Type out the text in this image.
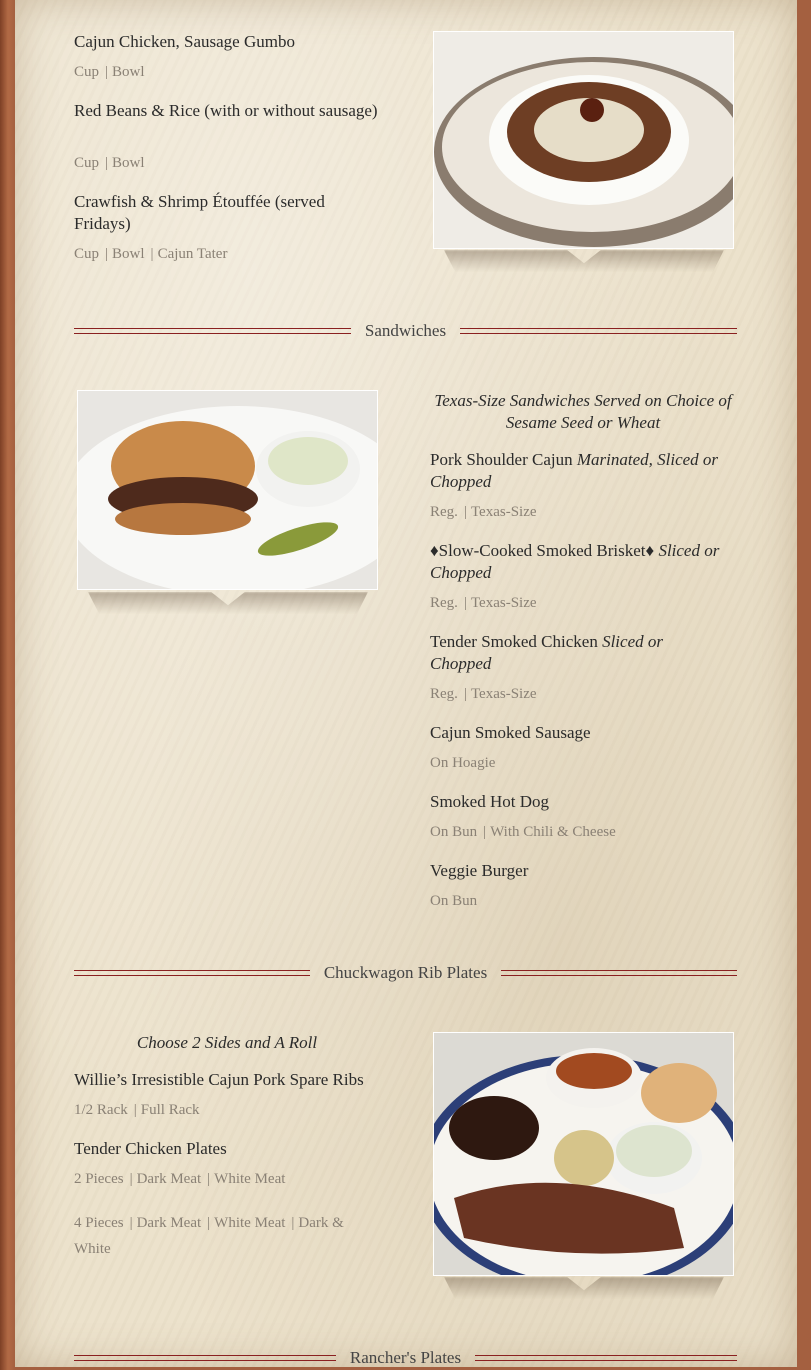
Cajun Chicken, Sausage Gumbo
Cup | Bowl
Red Beans & Rice (with or without sausage)
Cup | Bowl
Crawfish & Shrimp Étouffée (served Fridays)
Cup | Bowl | Cajun Tater
Sandwiches
Texas-Size Sandwiches Served on Choice of Sesame Seed or Wheat
Pork Shoulder Cajun Marinated, Sliced or Chopped
Reg. | Texas-Size
♦Slow-Cooked Smoked Brisket♦ Sliced or Chopped
Reg. | Texas-Size
Tender Smoked Chicken Sliced or Chopped
Reg. | Texas-Size
Cajun Smoked Sausage
On Hoagie
Smoked Hot Dog
On Bun | With Chili & Cheese
Veggie Burger
On Bun
Chuckwagon Rib Plates
Choose 2 Sides and A Roll
Willie’s Irresistible Cajun Pork Spare Ribs
1/2 Rack | Full Rack
Tender Chicken Plates
2 Pieces | Dark Meat | White Meat
4 Pieces | Dark Meat | White Meat | Dark & White
Rancher's Plates
